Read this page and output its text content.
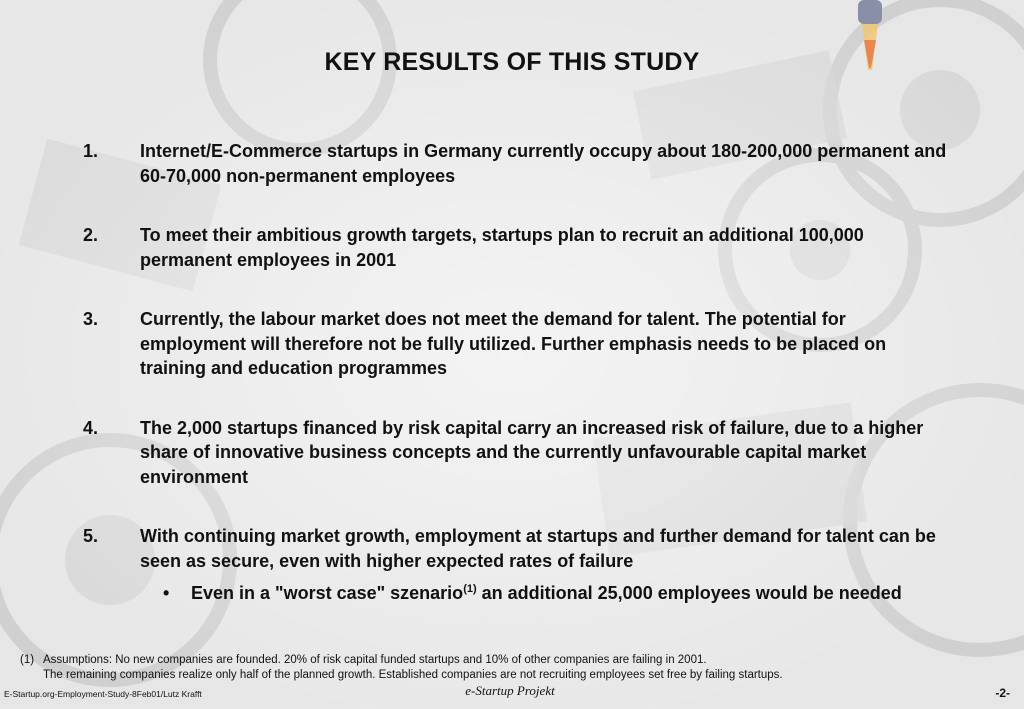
KEY RESULTS OF THIS STUDY
1.	Internet/E-Commerce startups in Germany currently occupy about 180-200,000 permanent and 60-70,000 non-permanent employees
2.	To meet their ambitious growth targets, startups plan to recruit an additional 100,000 permanent employees in 2001
3.	Currently, the labour market does not meet the demand for talent. The potential for employment will therefore not be fully utilized. Further emphasis needs to be placed on training and education programmes
4.	The 2,000 startups financed by risk capital carry an increased risk of failure, due to a higher share of innovative business concepts and the currently unfavourable capital market environment
5.	With continuing market growth, employment at startups and further demand for talent can be seen as secure, even with higher expected rates of failure
•	Even in a "worst case" szenario$^{(1)}$ an additional 25,000 employees would be needed
(1) Assumptions: No new companies are founded. 20% of risk capital funded startups and 10% of other companies are failing in 2001.
The remaining companies realize only half of the planned growth. Established companies are not recruiting employees set free by failing startups.
E-Startup.org-Employment-Study-8Feb01/Lutz Krafft	e-Startup Projekt	-2-
